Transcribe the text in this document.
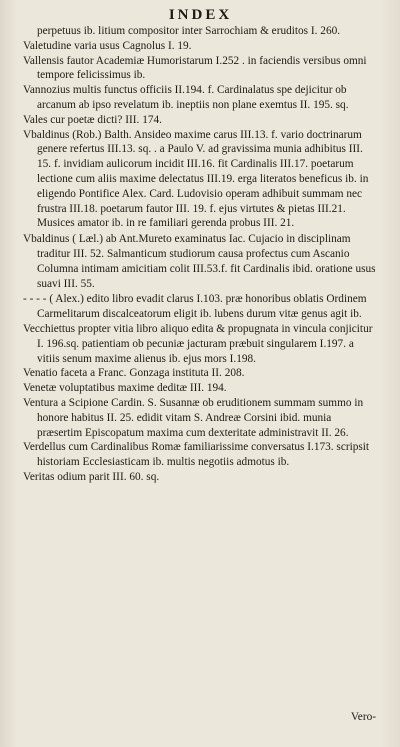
INDEX

perpetuus ib. litium compositor inter Sarrochiam & eruditos I. 260.

Valetudine varia usus Cagnolus I. 19.

Vallensis fautor Academiæ Humoristarum I.252 . in faciendis versibus omni tempore felicissimus ib.

Vannozius multis functus officiis II.194. f. Cardinalatus spe dejicitur ob arcanum ab ipso revelatum ib. ineptiis non plane exemtus II. 195. sq.

Vales cur poetæ dicti? III. 174.

Vbaldinus (Rob.) Balth. Ansideo maxime carus III.13. f. vario doctrinarum genere refertus III.13. sq. . a Paulo V. ad gravissima munia adhibitus III. 15. f. invidiam aulicorum incidit III.16. fit Cardinalis III.17. poetarum lectione cum aliis maxime delectatus III.19. erga literatos beneficus ib. in eligendo Pontifice Alex. Card. Ludovisio operam adhibuit summam nec frustra III.18. poetarum fautor III. 19. f. ejus virtutes & pietas III.21. Musices amator ib. in re familiari gerenda probus III. 21.

Vbaldinus ( Læl.) ab Ant.Mureto examinatus Iac. Cujacio in disciplinam traditur III. 52. Salmanticum studiorum causa profectus cum Ascanio Columna intimam amicitiam colit III.53.f. fit Cardinalis ibid. oratione usus suavi III. 55.

- - - - ( Alex.) edito libro evadit clarus I.103. præ honoribus oblatis Ordinem Carmelitarum discalceatorum eligit ib. lubens durum vitæ genus agit ib.

Vecchiettus propter vitia libro aliquo edita & propugnata in vincula conjicitur I. 196.sq. patientiam ob pecuniæ jacturam præbuit singularem I.197. a vitiis senum maxime alienus ib. ejus mors I.198.

Venatio faceta a Franc. Gonzaga instituta II. 208.

Venetæ voluptatibus maxime deditæ III. 194.

Ventura a Scipione Cardin. S. Susannæ ob eruditionem summam summo in honore habitus II. 25. edidit vitam S. Andreæ Corsini ibid. munia præsertim Episcopatum maxima cum dexteritate administravit II. 26.

Verdellus cum Cardinalibus Romæ familiarissime conversatus I.173. scripsit historiam Ecclesiasticam ib. multis negotiis admotus ib.

Veritas odium parit III. 60. sq.

Vero-
